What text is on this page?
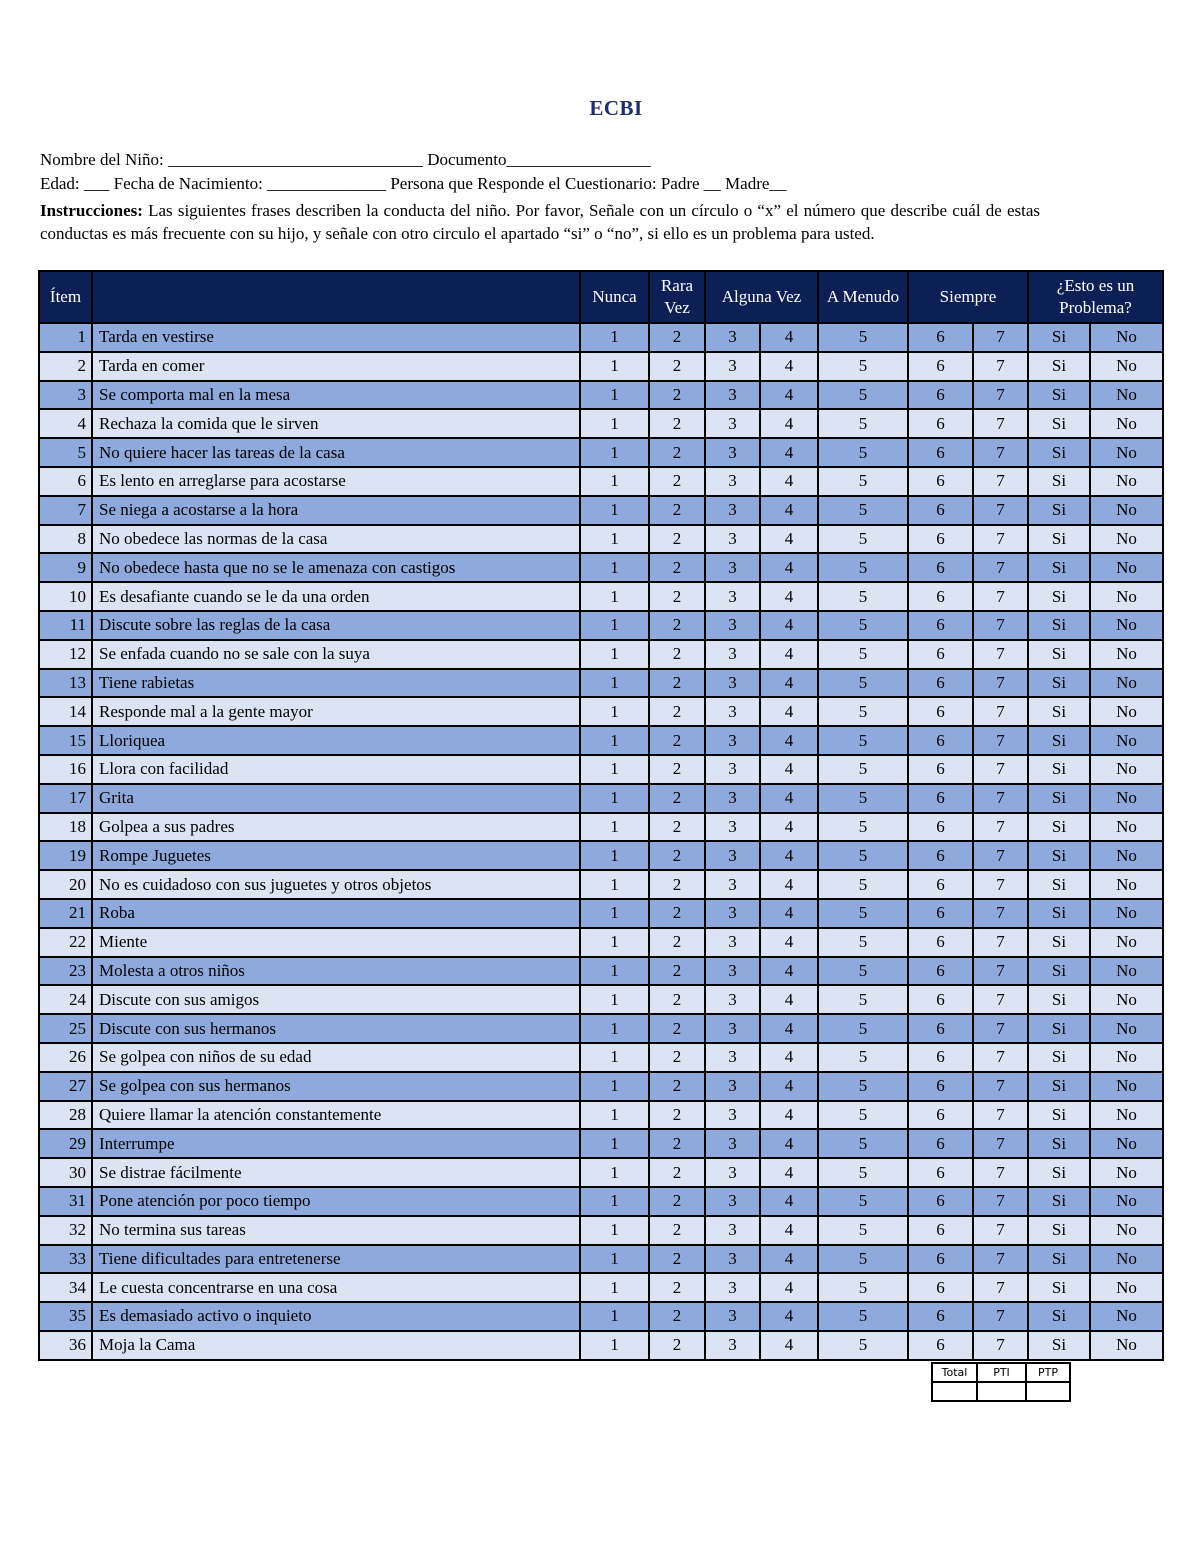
ECBI
Nombre del Niño: ______________________________ Documento_________________
Edad: ___ Fecha de Nacimiento: ______________ Persona que Responde el Cuestionario: Padre __ Madre__
Instrucciones: Las siguientes frases describen la conducta del niño. Por favor, Señale con un círculo o “x” el número que describe cuál de estas conductas es más frecuente con su hijo, y señale con otro circulo el apartado “si” o “no”, si ello es un problema para usted.
Ítem		Nunca	Rara Vez	Alguna Vez		A Menudo	Siempre		¿Esto es un Problema?	
1	Tarda en vestirse	1	2	3	4	5	6	7	Si	No
2	Tarda en comer	1	2	3	4	5	6	7	Si	No
3	Se comporta mal en la mesa	1	2	3	4	5	6	7	Si	No
4	Rechaza la comida que le sirven	1	2	3	4	5	6	7	Si	No
5	No quiere hacer las tareas de la casa	1	2	3	4	5	6	7	Si	No
6	Es lento en arreglarse para acostarse	1	2	3	4	5	6	7	Si	No
7	Se niega a acostarse a la hora	1	2	3	4	5	6	7	Si	No
8	No obedece las normas de la casa	1	2	3	4	5	6	7	Si	No
9	No obedece hasta que no se le amenaza con castigos	1	2	3	4	5	6	7	Si	No
10	Es desafiante cuando se le da una orden	1	2	3	4	5	6	7	Si	No
11	Discute sobre las reglas de la casa	1	2	3	4	5	6	7	Si	No
12	Se enfada cuando no se sale con la suya	1	2	3	4	5	6	7	Si	No
13	Tiene rabietas	1	2	3	4	5	6	7	Si	No
14	Responde mal a la gente mayor	1	2	3	4	5	6	7	Si	No
15	Lloriquea	1	2	3	4	5	6	7	Si	No
16	Llora con facilidad	1	2	3	4	5	6	7	Si	No
17	Grita	1	2	3	4	5	6	7	Si	No
18	Golpea a sus padres	1	2	3	4	5	6	7	Si	No
19	Rompe Juguetes	1	2	3	4	5	6	7	Si	No
20	No es cuidadoso con sus juguetes y otros objetos	1	2	3	4	5	6	7	Si	No
21	Roba	1	2	3	4	5	6	7	Si	No
22	Miente	1	2	3	4	5	6	7	Si	No
23	Molesta a otros niños	1	2	3	4	5	6	7	Si	No
24	Discute con sus amigos	1	2	3	4	5	6	7	Si	No
25	Discute con sus hermanos	1	2	3	4	5	6	7	Si	No
26	Se golpea con niños de su edad	1	2	3	4	5	6	7	Si	No
27	Se golpea con sus hermanos	1	2	3	4	5	6	7	Si	No
28	Quiere llamar la atención constantemente	1	2	3	4	5	6	7	Si	No
29	Interrumpe	1	2	3	4	5	6	7	Si	No
30	Se distrae fácilmente	1	2	3	4	5	6	7	Si	No
31	Pone atención por poco tiempo	1	2	3	4	5	6	7	Si	No
32	No termina sus tareas	1	2	3	4	5	6	7	Si	No
33	Tiene dificultades para entretenerse	1	2	3	4	5	6	7	Si	No
34	Le cuesta concentrarse en una cosa	1	2	3	4	5	6	7	Si	No
35	Es demasiado activo o inquieto	1	2	3	4	5	6	7	Si	No
36	Moja la Cama	1	2	3	4	5	6	7	Si	No
Total	PTI	PTP
